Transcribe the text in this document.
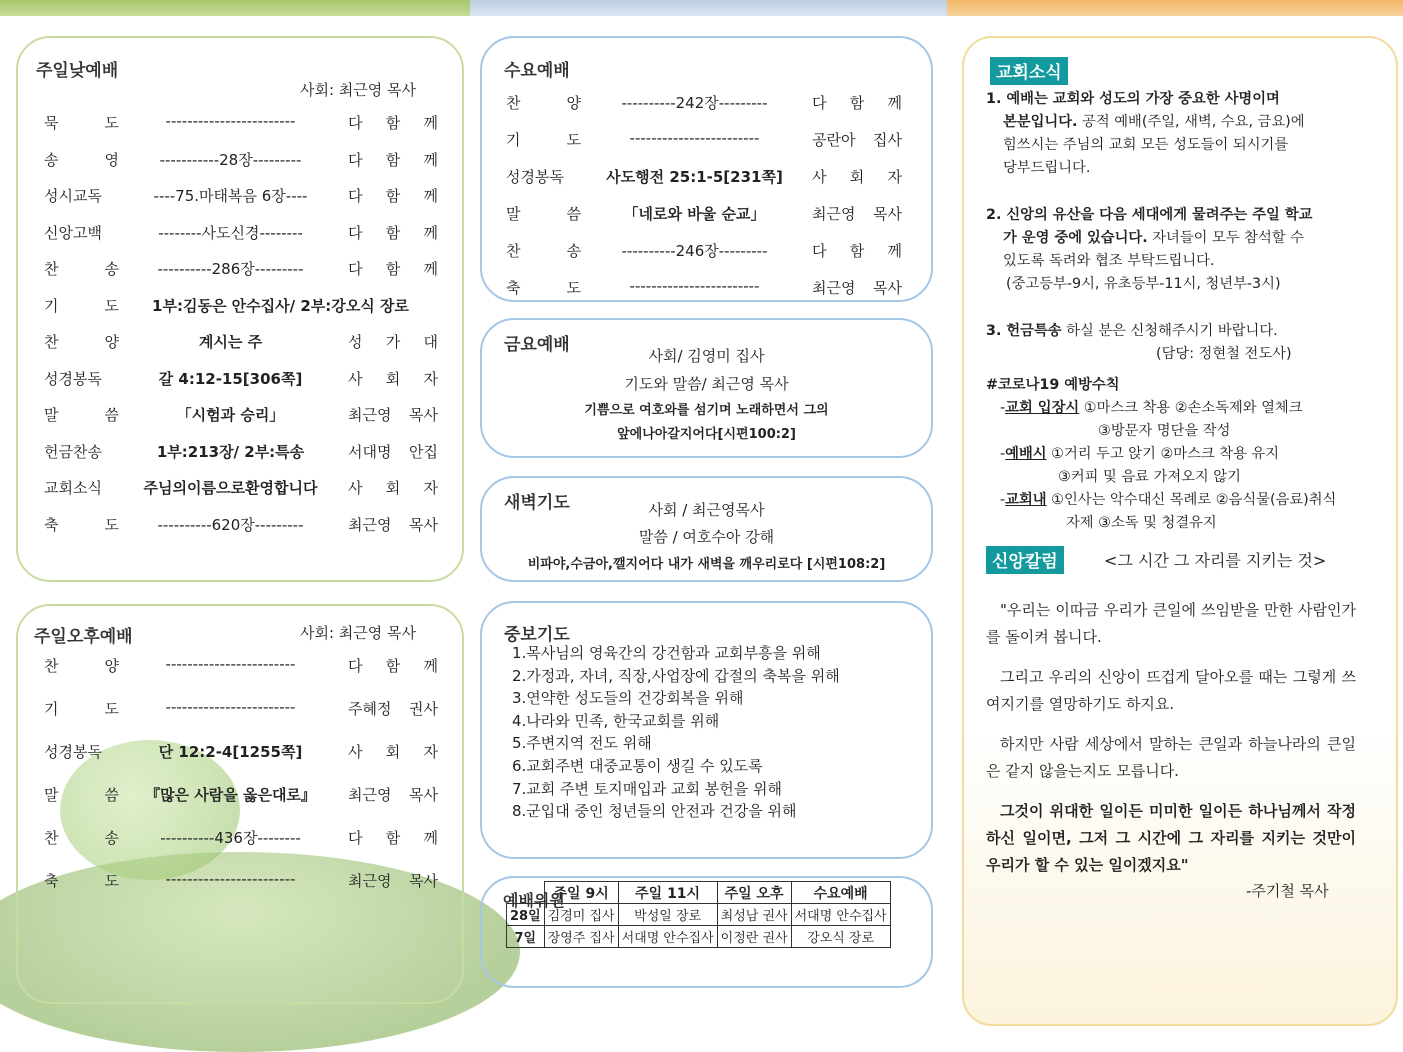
주일낮예배
사회: 최근영 목사
묵 도	------------------------	다 함 께
송 영	-----------28장---------	다 함 께
성시교독	----75.마태복음 6장----	다 함 께
신앙고백	--------사도신경--------	다 함 께
찬 송	----------286장---------	다 함 께
기 도	1부:김동은 안수집사/ 2부:강오식 장로
찬 양	계시는 주	성 가 대
성경봉독	갈 4:12-15[306쪽]	사 회 자
말 씀	「시험과 승리」	최근영 목사
헌금찬송	1부:213장/ 2부:특송	서대명 안집
교회소식	주님의이름으로환영합니다	사 회 자
축 도	----------620장---------	최근영 목사
주일오후예배	사회: 최근영 목사
찬 양	------------------------	다 함 께
기 도	------------------------	주혜정 권사
성경봉독	단 12:2-4[1255쪽]	사 회 자
말 씀	『많은 사람을 옳은대로』	최근영 목사
찬 송	----------436장--------	다 함 께
축 도	------------------------	최근영 목사
수요예배
찬 양	----------242장---------	다 함 께
기 도	------------------------	공란아 집사
성경봉독	사도행전 25:1-5[231쪽]	사 회 자
말 씀	「네로와 바울 순교」	최근영 목사
찬 송	----------246장---------	다 함 께
축 도	------------------------	최근영 목사
금요예배
사회/ 김영미 집사
기도와 말씀/ 최근영 목사
기쁨으로 여호와를 섬기며 노래하면서 그의
앞에나아갈지어다[시편100:2]
새벽기도	사회 / 최근영목사
말씀 / 여호수아 강해
비파야,수금아,깰지어다 내가 새벽을 깨우리로다 [시편108:2]
중보기도
1.목사님의 영육간의 강건함과 교회부흥을 위해
2.가정과, 자녀, 직장,사업장에 갑절의 축복을 위해
3.연약한 성도들의 건강회복을 위해
4.나라와 민족, 한국교회를 위해
5.주변지역 전도 위해
6.교회주변 대중교통이 생길 수 있도록
7.교회 주변 토지매입과 교회 봉헌을 위해
8.군입대 중인 청년들의 안전과 건강을 위해
예배위원
	주일 9시	주일 11시	주일 오후	수요예배
28일	김경미 집사	박성일 장로	최성남 권사	서대명 안수집사
7일	장영주 집사	서대명 안수집사	이정란 권사	강오식 장로
교회소식
1. 예배는 교회와 성도의 가장 중요한 사명이며
본분입니다. 공적 예배(주일, 새벽, 수요, 금요)에
힘쓰시는 주님의 교회 모든 성도들이 되시기를
당부드립니다.
2. 신앙의 유산을 다음 세대에게 물려주는 주일 학교
가 운영 중에 있습니다. 자녀들이 모두 참석할 수
있도록 독려와 협조 부탁드립니다.
(중고등부-9시, 유초등부-11시, 청년부-3시)
3. 헌금특송 하실 분은 신청해주시기 바랍니다.
(담당: 정현철 전도사)
#코로나19 예방수칙
-교회 입장시 ①마스크 착용 ②손소독제와 열체크
③방문자 명단을 작성
-예배시 ①거리 두고 앉기 ②마스크 착용 유지
③커피 및 음료 가져오지 않기
-교회내 ①인사는 악수대신 목례로 ②음식물(음료)취식
자제 ③소독 및 청결유지
신앙칼럼	<그 시간 그 자리를 지키는 것>
"우리는 이따금 우리가 큰일에 쓰임받을 만한 사람인가를 돌이켜 봅니다.
그리고 우리의 신앙이 뜨겁게 달아오를 때는 그렇게 쓰여지기를 열망하기도 하지요.
하지만 사람 세상에서 말하는 큰일과 하늘나라의 큰일은 같지 않을는지도 모릅니다.
그것이 위대한 일이든 미미한 일이든 하나님께서 작정하신 일이면, 그저 그 시간에 그 자리를 지키는 것만이 우리가 할 수 있는 일이겠지요"
-주기철 목사
